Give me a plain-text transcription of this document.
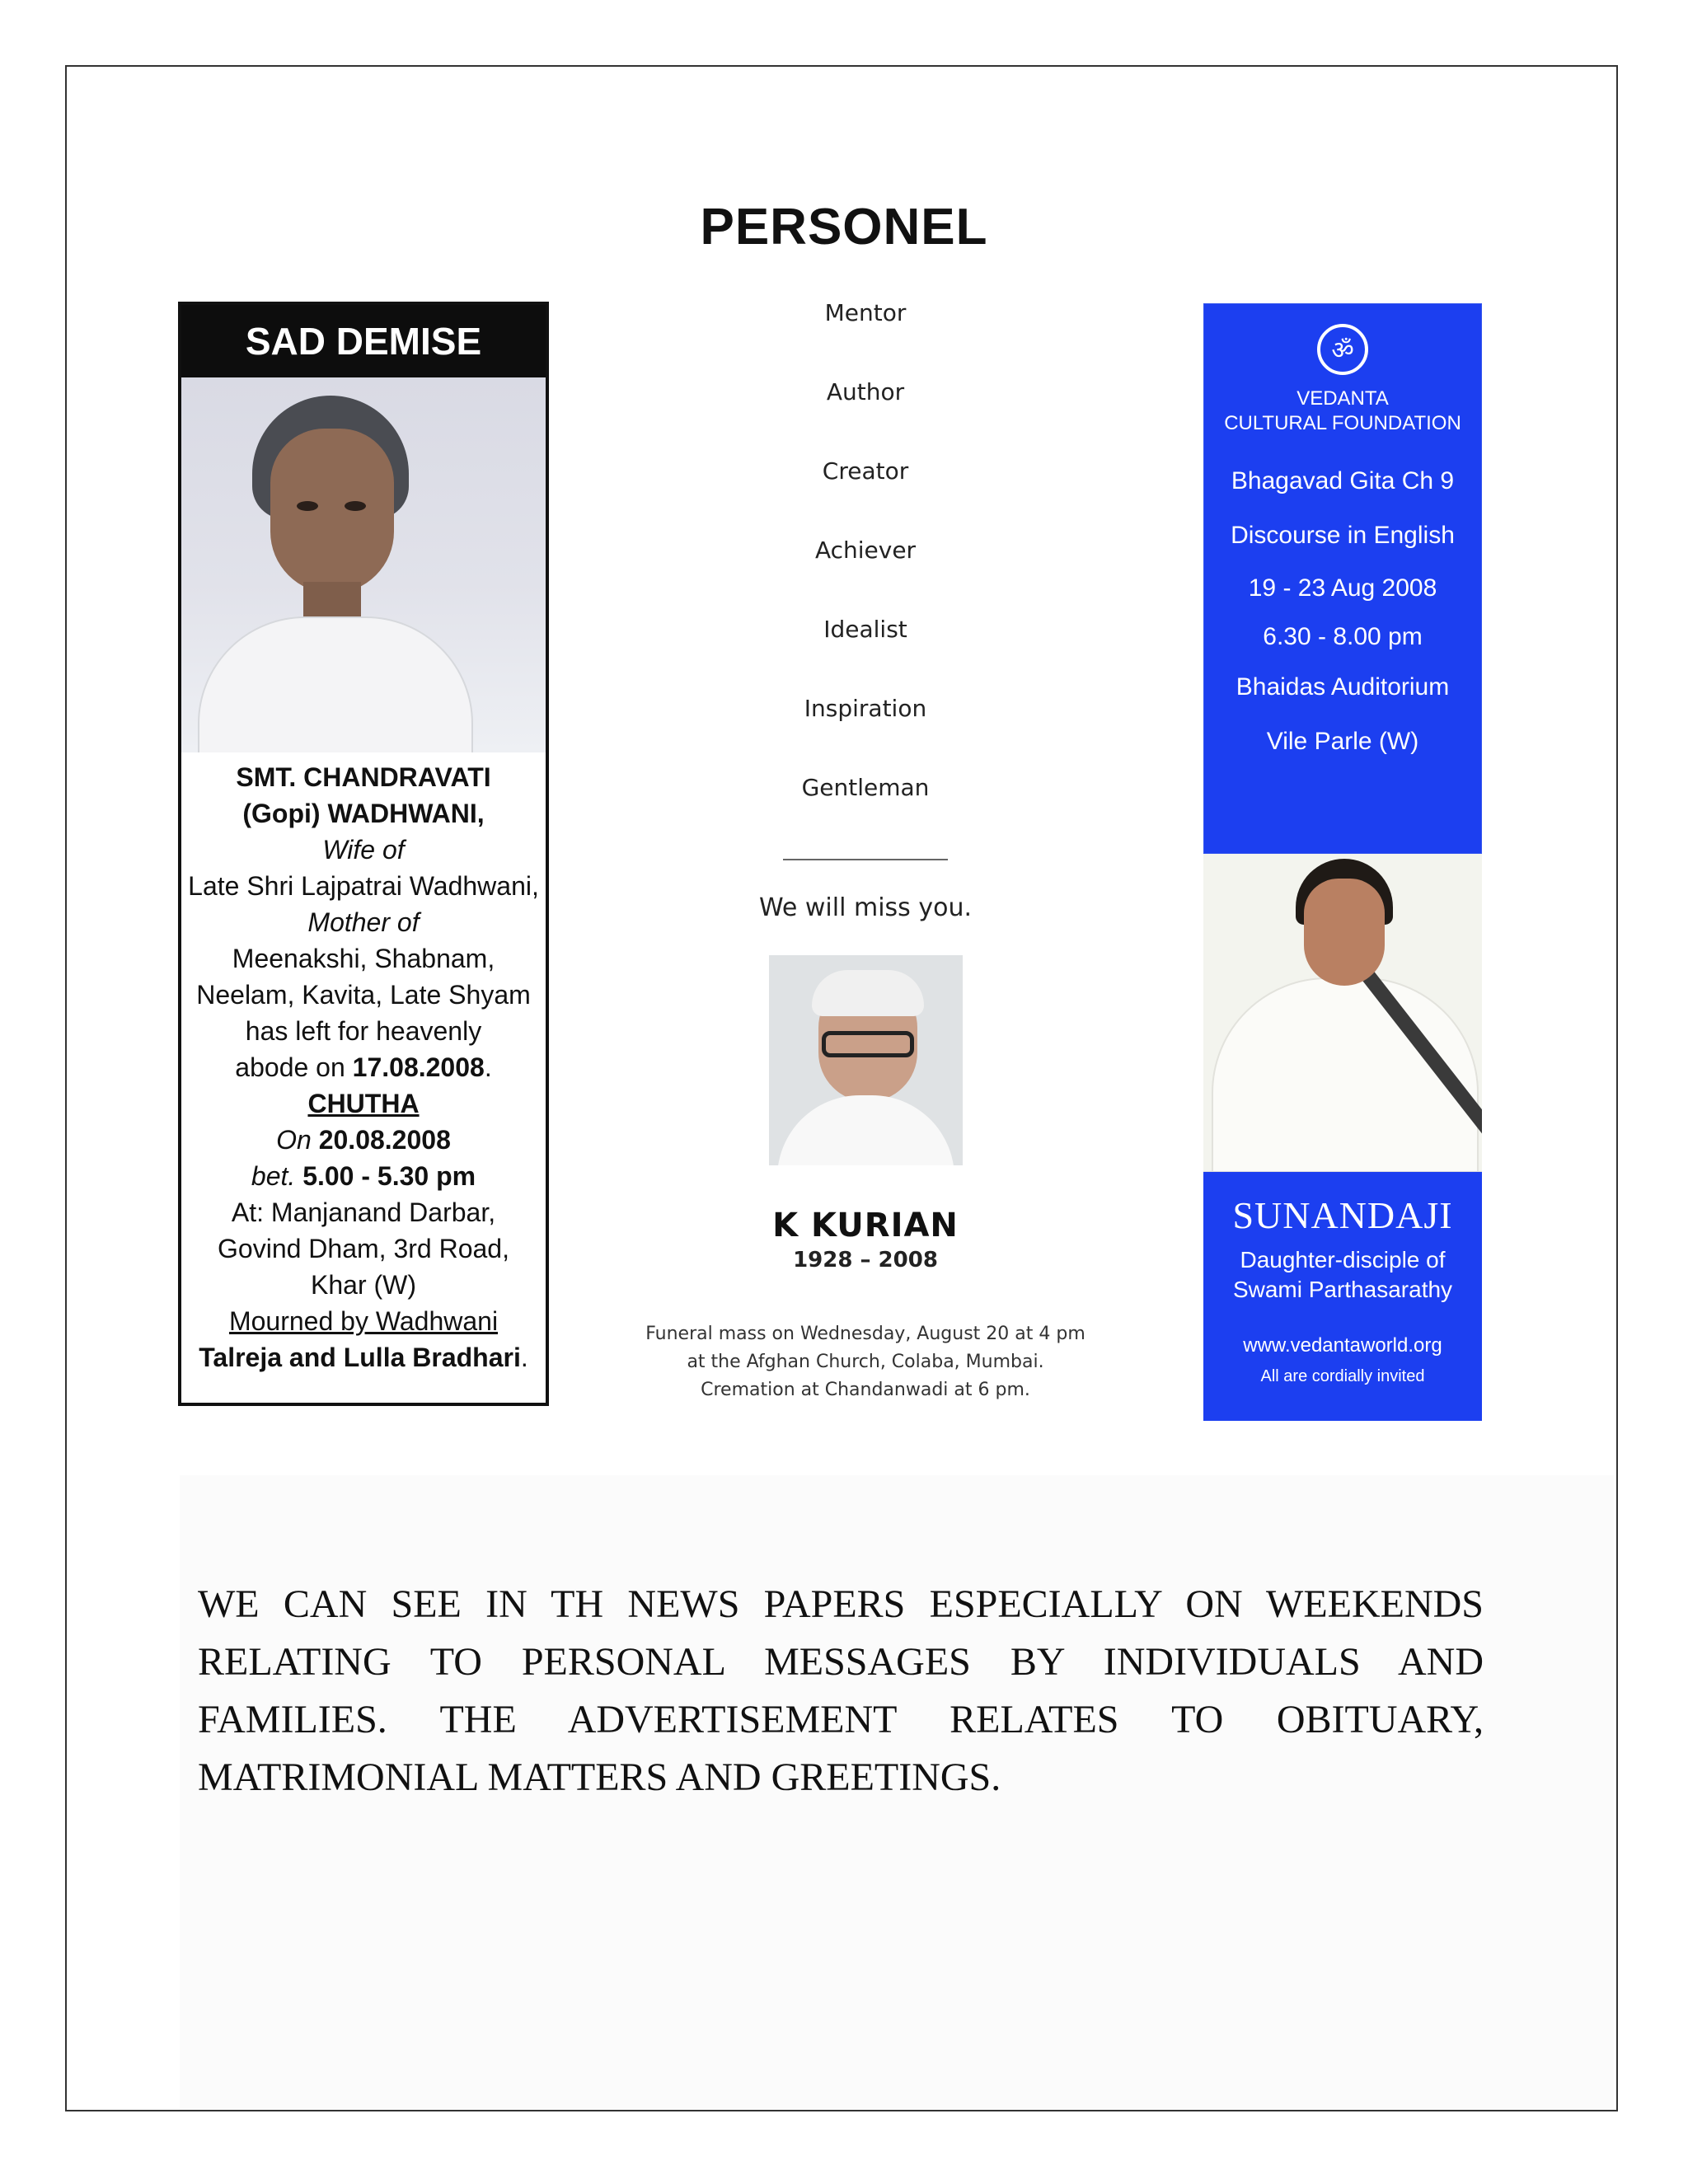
PERSONEL
SAD DEMISE
SMT. CHANDRAVATI
(Gopi) WADHWANI,
Wife of
Late Shri Lajpatrai Wadhwani,
Mother of
Meenakshi, Shabnam,
Neelam, Kavita, Late Shyam
has left for heavenly
abode on 17.08.2008.
CHUTHA
On 20.08.2008
bet. 5.00 - 5.30 pm
At: Manjanand Darbar,
Govind Dham, 3rd Road,
Khar (W)
Mourned by Wadhwani
Talreja and Lulla Bradhari.
Mentor
Author
Creator
Achiever
Idealist
Inspiration
Gentleman
We will miss you.
K KURIAN
1928 – 2008
Funeral mass on Wednesday, August 20 at 4 pm
at the Afghan Church, Colaba, Mumbai.
Cremation at Chandanwadi at 6 pm.
ॐ
VEDANTA
CULTURAL FOUNDATION
Bhagavad Gita Ch 9
Discourse in English
19 - 23 Aug 2008
6.30 - 8.00 pm
Bhaidas Auditorium
Vile Parle (W)
SUNANDAJI
Daughter-disciple of
Swami Parthasarathy
www.vedantaworld.org
All are cordially invited
WE CAN SEE IN TH NEWS PAPERS ESPECIALLY ON WEEKENDS RELATING TO PERSONAL MESSAGES BY INDIVIDUALS AND FAMILIES. THE ADVERTISEMENT RELATES TO OBITUARY, MATRIMONIAL MATTERS AND GREETINGS.
